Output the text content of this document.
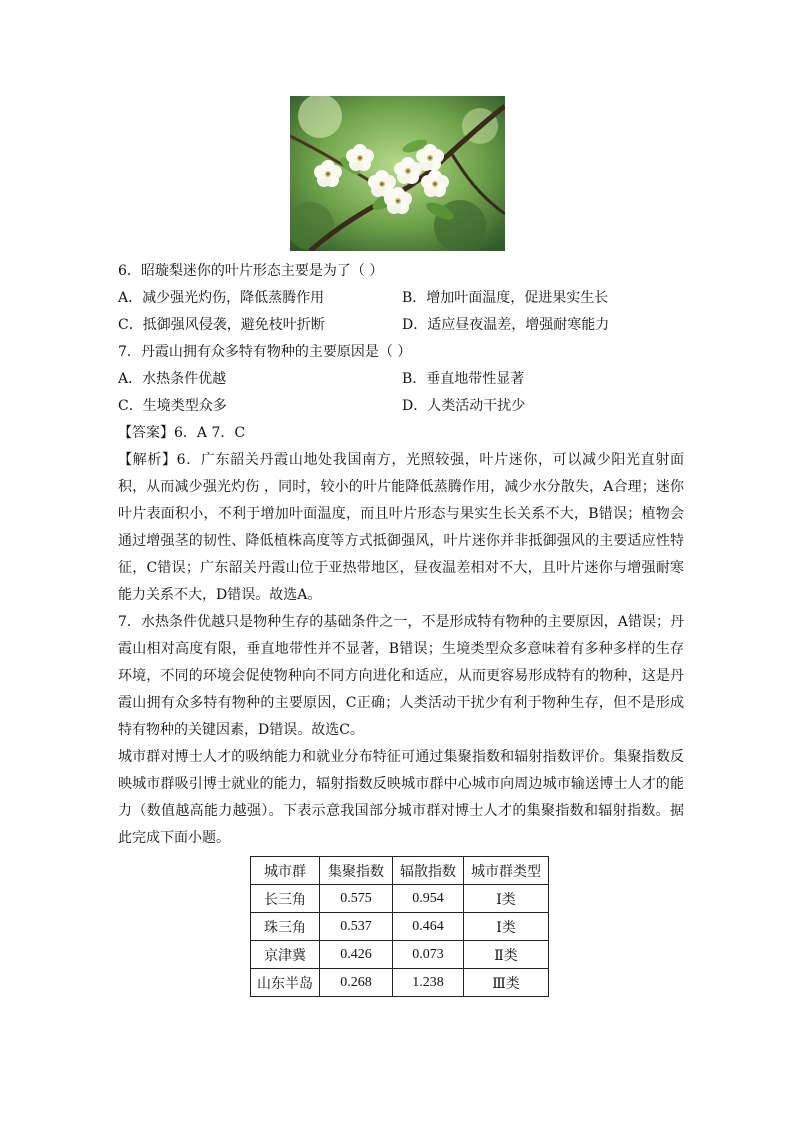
6．昭璇梨迷你的叶片形态主要是为了（ ）
A．减少强光灼伤，降低蒸腾作用	B．增加叶面温度，促进果实生长
C．抵御强风侵袭，避免枝叶折断	D．适应昼夜温差，增强耐寒能力
7．丹霞山拥有众多特有物种的主要原因是（ ）
A．水热条件优越	B．垂直地带性显著
C．生境类型众多	D．人类活动干扰少
【答案】6．A 7．C

【解析】6．广东韶关丹霞山地处我国南方，光照较强，叶片迷你，可以减少阳光直射面积，从而减少强光灼伤 ，同时，较小的叶片能降低蒸腾作用，减少水分散失，A合理；迷你叶片表面积小，不利于增加叶面温度，而且叶片形态与果实生长关系不大，B错误；植物会通过增强茎的韧性、降低植株高度等方式抵御强风，叶片迷你并非抵御强风的主要适应性特征，C错误；广东韶关丹霞山位于亚热带地区，昼夜温差相对不大，且叶片迷你与增强耐寒能力关系不大，D错误。故选A。

7．水热条件优越只是物种生存的基础条件之一，不是形成特有物种的主要原因，A错误；丹霞山相对高度有限，垂直地带性并不显著，B错误；生境类型众多意味着有多种多样的生存环境，不同的环境会促使物种向不同方向进化和适应，从而更容易形成特有的物种，这是丹霞山拥有众多特有物种的主要原因，C正确；人类活动干扰少有利于物种生存，但不是形成特有物种的关键因素，D错误。故选C。

城市群对博士人才的吸纳能力和就业分布特征可通过集聚指数和辐射指数评价。集聚指数反映城市群吸引博士就业的能力，辐射指数反映城市群中心城市向周边城市输送博士人才的能力（数值越高能力越强）。下表示意我国部分城市群对博士人才的集聚指数和辐射指数。据此完成下面小题。

城市群	集聚指数	辐散指数	城市群类型
长三角	0.575	0.954	Ⅰ类
珠三角	0.537	0.464	Ⅰ类
京津冀	0.426	0.073	Ⅱ类
山东半岛	0.268	1.238	Ⅲ类
